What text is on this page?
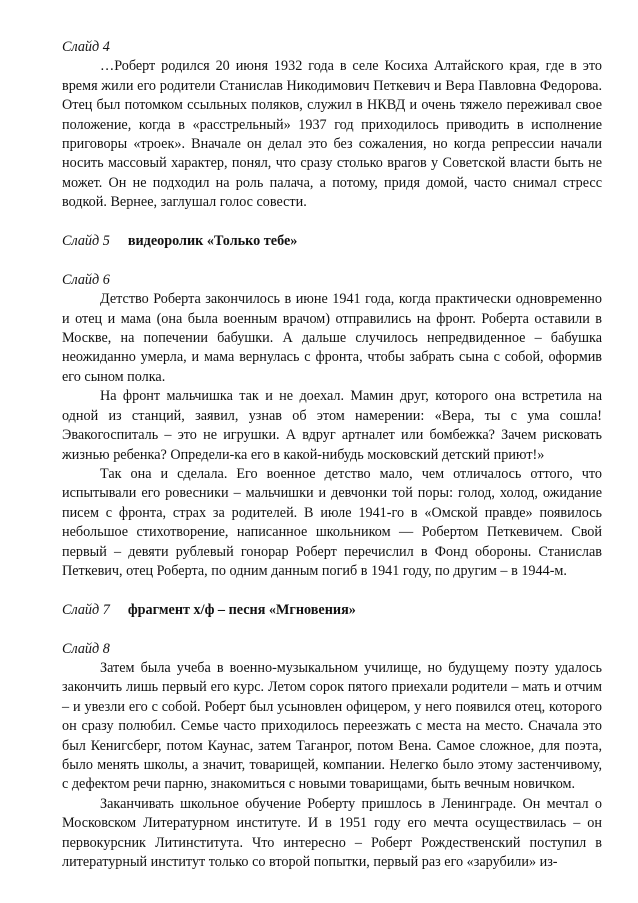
Слайд 4

…Роберт родился 20 июня 1932 года в селе Косиха Алтайского края, где в это время жили его родители Станислав Никодимович Петкевич и Вера Павловна Федорова. Отец был потомком ссыльных поляков, служил в НКВД и очень тяжело переживал свое положение, когда в «расстрельный» 1937 год приходилось приводить в исполнение приговоры «троек». Вначале он делал это без сожаления, но когда репрессии начали носить массовый характер, понял, что сразу столько врагов у Советской власти быть не может. Он не подходил на роль палача, а потому, придя домой, часто снимал стресс водкой. Вернее, заглушал голос совести.

Слайд 5 видеоролик «Только тебе»

Слайд 6

Детство Роберта закончилось в июне 1941 года, когда практически одновременно и отец и мама (она была военным врачом) отправились на фронт. Роберта оставили в Москве, на попечении бабушки. А дальше случилось непредвиденное – бабушка неожиданно умерла, и мама вернулась с фронта, чтобы забрать сына с собой, оформив его сыном полка.

На фронт мальчишка так и не доехал. Мамин друг, которого она встретила на одной из станций, заявил, узнав об этом намерении: «Вера, ты с ума сошла! Эвакогоспиталь – это не игрушки. А вдруг артналет или бомбежка? Зачем рисковать жизнью ребенка? Определи-ка его в какой-нибудь московский детский приют!»

Так она и сделала. Его военное детство мало, чем отличалось оттого, что испытывали его ровесники – мальчишки и девчонки той поры: голод, холод, ожидание писем с фронта, страх за родителей. В июле 1941-го в «Омской правде» появилось небольшое стихотворение, написанное школьником — Робертом Петкевичем. Свой первый – девяти рублевый гонорар Роберт перечислил в Фонд обороны. Станислав Петкевич, отец Роберта, по одним данным погиб в 1941 году, по другим – в 1944-м.

Слайд 7 фрагмент х/ф – песня «Мгновения»

Слайд 8

Затем была учеба в военно-музыкальном училище, но будущему поэту удалось закончить лишь первый его курс. Летом сорок пятого приехали родители – мать и отчим – и увезли его с собой. Роберт был усыновлен офицером, у него появился отец, которого он сразу полюбил. Семье часто приходилось переезжать с места на место. Сначала это был Кенигсберг, потом Каунас, затем Таганрог, потом Вена. Самое сложное, для поэта, было менять школы, а значит, товарищей, компании. Нелегко было этому застенчивому, с дефектом речи парню, знакомиться с новыми товарищами, быть вечным новичком.

Заканчивать школьное обучение Роберту пришлось в Ленинграде. Он мечтал о Московском Литературном институте. И в 1951 году его мечта осуществилась – он первокурсник Литинститута. Что интересно – Роберт Рождественский поступил в литературный институт только со второй попытки, первый раз его «зарубили» из-
